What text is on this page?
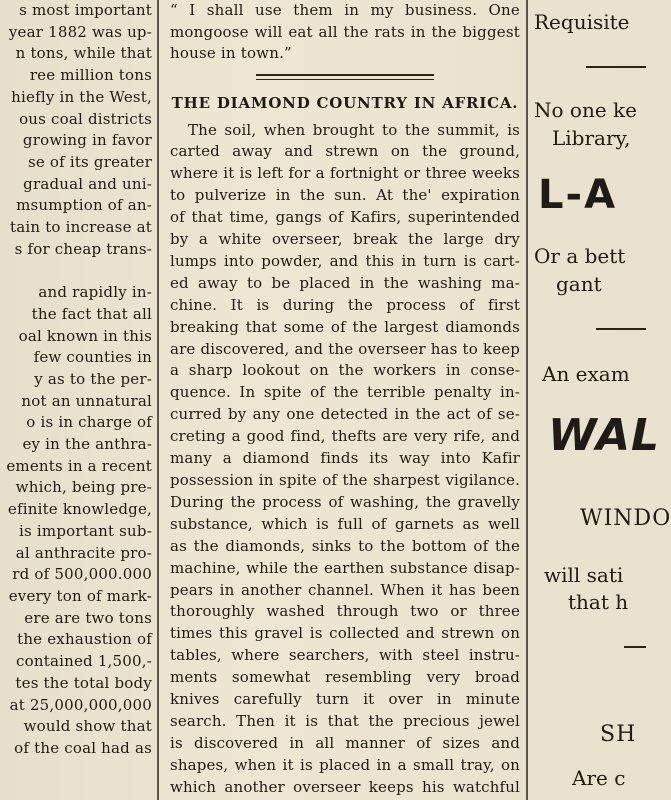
s most important
year 1882 was up-
n tons, while that
ree million tons
hiefly in the West,
ous coal districts
growing in favor
se of its greater
gradual and uni-
msumption of an-
tain to increase at
s for cheap trans-

and rapidly in-
the fact that all
oal known in this
few counties in
y as to the per-
not an unnatural
o is in charge of
ey in the anthra-
ements in a recent
which, being pre-
efinite knowledge,
is important sub-
al anthracite pro-
rd of 500,000.000
every ton of mark-
ere are two tons
the exhaustion of
contained 1,500,-
tes the total body
at 25,000,000,000
would show that
of the coal had as
“ I shall use them in my business. One
mongoose will eat all the rats in the biggest
house in town.”
THE DIAMOND COUNTRY IN AFRICA.
The soil, when brought to the summit, is
carted away and strewn on the ground,
where it is left for a fortnight or three weeks
to pulverize in the sun. At the' expiration
of that time, gangs of Kafirs, superintended
by a white overseer, break the large dry
lumps into powder, and this in turn is cart-
ed away to be placed in the washing ma-
chine. It is during the process of first
breaking that some of the largest diamonds
are discovered, and the overseer has to keep
a sharp lookout on the workers in conse-
quence. In spite of the terrible penalty in-
curred by any one detected in the act of se-
creting a good find, thefts are very rife, and
many a diamond finds its way into Kafir
possession in spite of the sharpest vigilance.
During the process of washing, the gravelly
substance, which is full of garnets as well
as the diamonds, sinks to the bottom of the
machine, while the earthen substance disap-
pears in another channel. When it has been
thoroughly washed through two or three
times this gravel is collected and strewn on
tables, where searchers, with steel instru-
ments somewhat resembling very broad
knives carefully turn it over in minute
search. Then it is that the precious jewel
is discovered in all manner of sizes and
shapes, when it is placed in a small tray, on
which another overseer keeps his watchful
Requisite
No one ke
Library,
L-A
Or a bett
gant
An exam
WAL
WINDO
will sati
that h
SH
Are c
